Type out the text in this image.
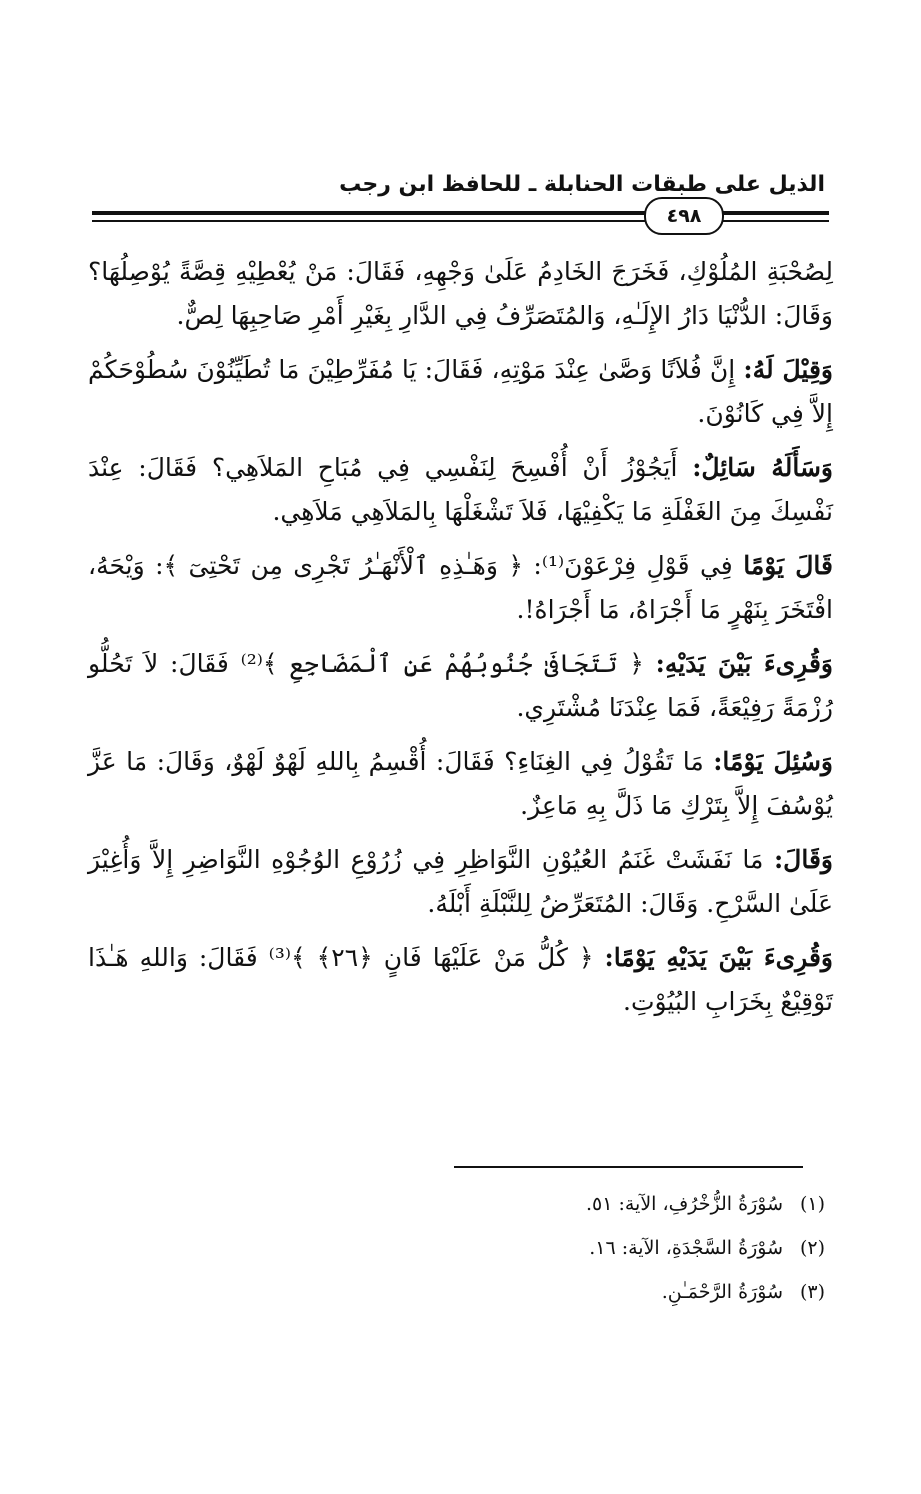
الذيل على طبقات الحنابلة ـ للحافظ ابن رجب
٤٩٨

لِصُحْبَةِ المُلُوْكِ، فَخَرَجَ الخَادِمُ عَلَىٰ وَجْهِهِ، فَقَالَ: مَنْ يُعْطِيْهِ قِصَّةً يُوْصِلُهَا؟ وَقَالَ: الدُّنْيَا دَارُ الإِلَـٰهِ، وَالمُتَصَرِّفُ فِي الدَّارِ بِغَيْرِ أَمْرِ صَاحِبِهَا لِصٌّ.

وَقِيْلَ لَهُ: إِنَّ فُلاَنًا وَصَّىٰ عِنْدَ مَوْتِهِ، فَقَالَ: يَا مُفَرِّطِيْنَ مَا تُطَيِّنُوْنَ سُطُوْحَكُمْ إِلاَّ فِي كَانُوْنَ.

وَسَأَلَهُ سَائِلٌ: أَيَجُوْزُ أَنْ أُفْسِحَ لِنَفْسِي فِي مُبَاحِ المَلاَهِي؟ فَقَالَ: عِنْدَ نَفْسِكَ مِنَ الغَفْلَةِ مَا يَكْفِيْهَا، فَلاَ تَشْغَلْهَا بِالمَلاَهِي مَلاَهِي.

قَالَ يَوْمًا فِي قَوْلِ فِرْعَوْنَ⁽¹⁾: ﴿ وَهَـٰذِهِ ٱلْأَنْهَـٰرُ تَجْرِى مِن تَحْتِىٓ ﴾: وَيْحَهُ، افْتَخَرَ بِنَهْرٍ مَا أَجْرَاهُ، مَا أَجْرَاهُ!.

وَقُرِىءَ بَيْنَ يَدَيْهِ: ﴿ تَتَجَافَىٰ جُنُوبُهُمْ عَنِ ٱلْمَضَاجِعِ ﴾⁽²⁾ فَقَالَ: لاَ تَحُلُّو رُزْمَةً رَفِيْعَةً، فَمَا عِنْدَنَا مُشْتَرِي.

وَسُئِلَ يَوْمًا: مَا تَقُوْلُ فِي الغِنَاءِ؟ فَقَالَ: أُقْسِمُ بِاللهِ لَهْوٌ لَهْوٌ، وَقَالَ: مَا عَزَّ يُوْسُفَ إِلاَّ بِتَرْكِ مَا ذَلَّ بِهِ مَاعِزٌ.

وَقَالَ: مَا نَفَشَتْ غَنَمُ العُيُوْنِ النَّوَاظِرِ فِي زُرُوْعِ الوُجُوْهِ النَّوَاضِرِ إِلاَّ وَأُغِيْرَ عَلَىٰ السَّرْحِ. وَقَالَ: المُتَعَرِّضُ لِلنَّبْلَةِ أَبْلَهُ.

وَقُرِىءَ بَيْنَ يَدَيْهِ يَوْمًا: ﴿ كُلُّ مَنْ عَلَيْهَا فَانٍ ﴿٢٦﴾ ﴾⁽³⁾ فَقَالَ: وَاللهِ هَـٰذَا تَوْقِيْعٌ بِخَرَابِ البُيُوْتِ.

(١)سُوْرَةُ الزُّخْرُفِ، الآية: ٥١.
(٢)سُوْرَةُ السَّجْدَةِ، الآية: ١٦.
(٣)سُوْرَةُ الرَّحْمَـٰنِ.
